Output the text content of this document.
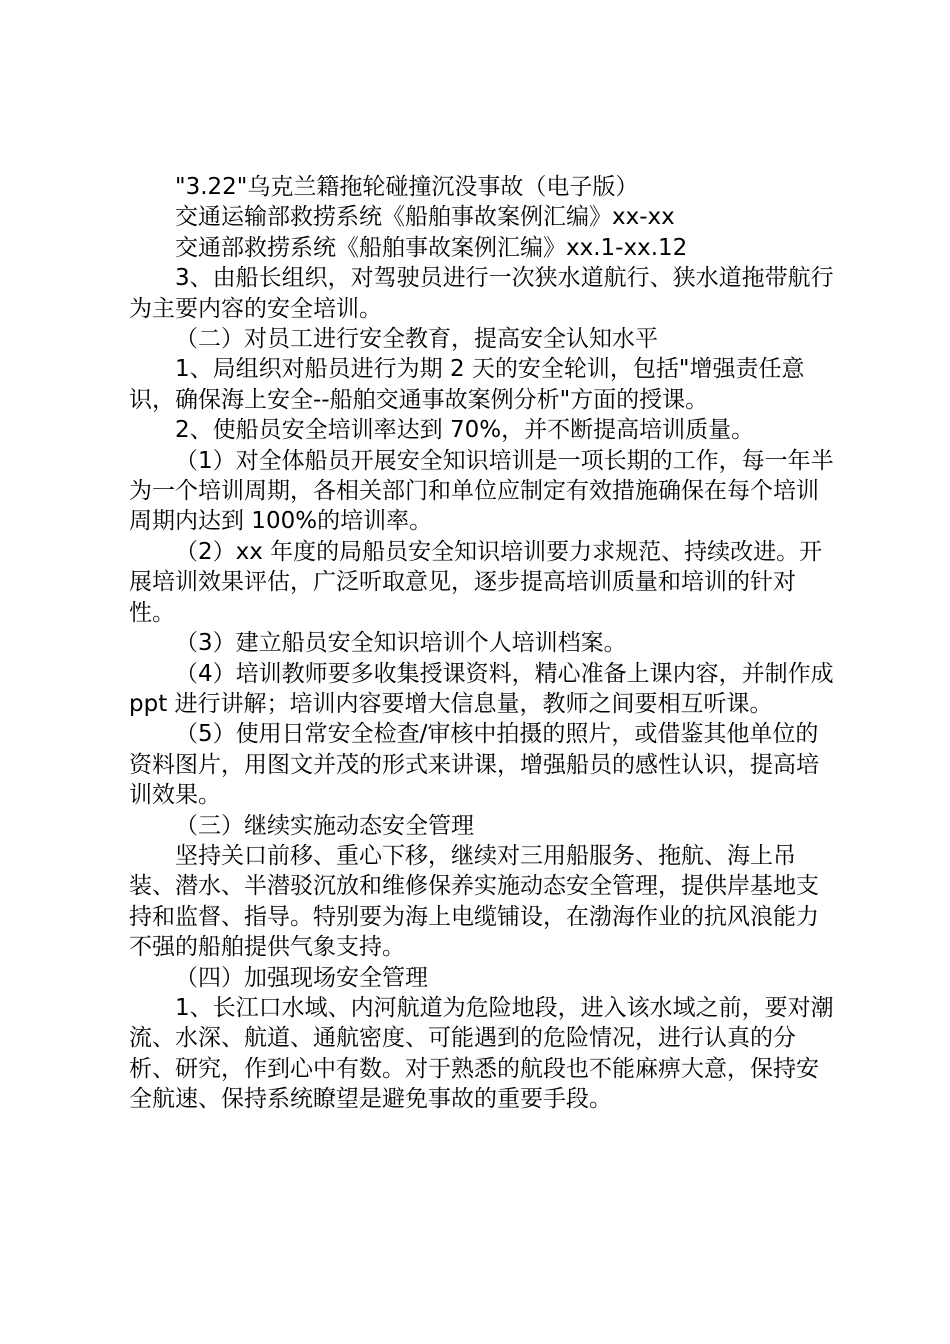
"3.22"乌克兰籍拖轮碰撞沉没事故（电子版）

交通运输部救捞系统《船舶事故案例汇编》xx-xx

交通部救捞系统《船舶事故案例汇编》xx.1-xx.12

3、由船长组织，对驾驶员进行一次狭水道航行、狭水道拖带航行为主要内容的安全培训。

（二）对员工进行安全教育，提高安全认知水平

1、局组织对船员进行为期 2 天的安全轮训，包括"增强责任意识，确保海上安全--船舶交通事故案例分析"方面的授课。

2、使船员安全培训率达到 70%，并不断提高培训质量。

（1）对全体船员开展安全知识培训是一项长期的工作，每一年半为一个培训周期，各相关部门和单位应制定有效措施确保在每个培训周期内达到 100%的培训率。

（2）xx 年度的局船员安全知识培训要力求规范、持续改进。开展培训效果评估，广泛听取意见，逐步提高培训质量和培训的针对性。

（3）建立船员安全知识培训个人培训档案。

（4）培训教师要多收集授课资料，精心准备上课内容，并制作成 ppt 进行讲解；培训内容要增大信息量，教师之间要相互听课。

（5）使用日常安全检查/审核中拍摄的照片，或借鉴其他单位的资料图片，用图文并茂的形式来讲课，增强船员的感性认识，提高培训效果。

（三）继续实施动态安全管理

坚持关口前移、重心下移，继续对三用船服务、拖航、海上吊装、潜水、半潜驳沉放和维修保养实施动态安全管理，提供岸基地支持和监督、指导。特别要为海上电缆铺设，在渤海作业的抗风浪能力不强的船舶提供气象支持。

（四）加强现场安全管理

1、长江口水域、内河航道为危险地段，进入该水域之前，要对潮流、水深、航道、通航密度、可能遇到的危险情况，进行认真的分析、研究，作到心中有数。对于熟悉的航段也不能麻痹大意，保持安全航速、保持系统瞭望是避免事故的重要手段。
